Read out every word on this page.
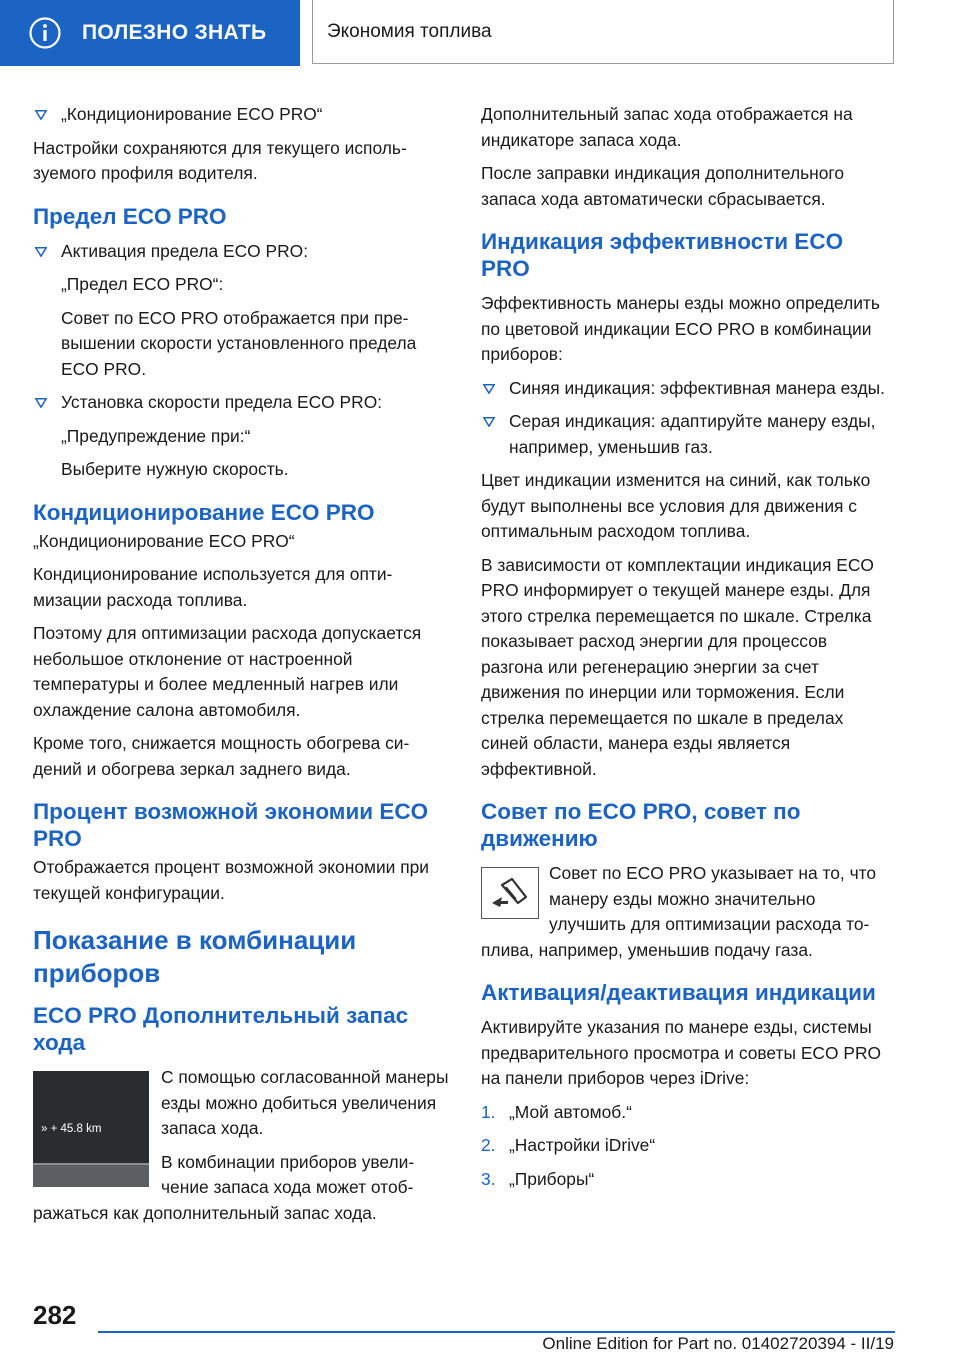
ПОЛЕЗНО ЗНАТЬ	Экономия топлива
„Кондиционирование ECO PRO“

Настройки сохраняются для текущего используемого профиля водителя.

Предел ECO PRO
Активация предела ECO PRO:

„Предел ECO PRO“:

Совет по ECO PRO отображается при превышении скорости установленного предела ECO PRO.

Установка скорости предела ECO PRO:

„Предупреждение при:“

Выберите нужную скорость.

Кондиционирование ECO PRO

„Кондиционирование ECO PRO“

Кондиционирование используется для оптимизации расхода топлива.

Поэтому для оптимизации расхода допускается небольшое отклонение от настроенной температуры и более медленный нагрев или охлаждение салона автомобиля.

Кроме того, снижается мощность обогрева сидений и обогрева зеркал заднего вида.

Процент возможной экономии ECO PRO

Отображается процент возможной экономии при текущей конфигурации.

Показание в комбинации приборов
ECO PRO Дополнительный запас хода
» + 45.8 km

С помощью согласованной манеры езды можно добиться увеличения запаса хода.

В комбинации приборов увеличение запаса хода может отображаться как дополнительный запас хода.

Дополнительный запас хода отображается на индикаторе запаса хода.

После заправки индикация дополнительного запаса хода автоматически сбрасывается.

Индикация эффективности ECO PRO

Эффективность манеры езды можно определить по цветовой индикации ECO PRO в комбинации приборов:

Синяя индикация: эффективная манера езды.
Серая индикация: адаптируйте манеру езды, например, уменьшив газ.

Цвет индикации изменится на синий, как только будут выполнены все условия для движения с оптимальным расходом топлива.

В зависимости от комплектации индикация ECO PRO информирует о текущей манере езды. Для этого стрелка перемещается по шкале. Стрелка показывает расход энергии для процессов разгона или регенерацию энергии за счет движения по инерции или торможения. Если стрелка перемещается по шкале в пределах синей области, манера езды является эффективной.

Совет по ECO PRO, совет по движению

Совет по ECO PRO указывает на то, что манеру езды можно значительно улучшить для оптимизации расхода топлива, например, уменьшив подачу газа.

Активация/деактивация индикации

Активируйте указания по манере езды, системы предварительного просмотра и советы ECO PRO на панели приборов через iDrive:

1. „Мой автомоб.“
2. „Настройки iDrive“
3. „Приборы“
282
Online Edition for Part no. 01402720394 - II/19
